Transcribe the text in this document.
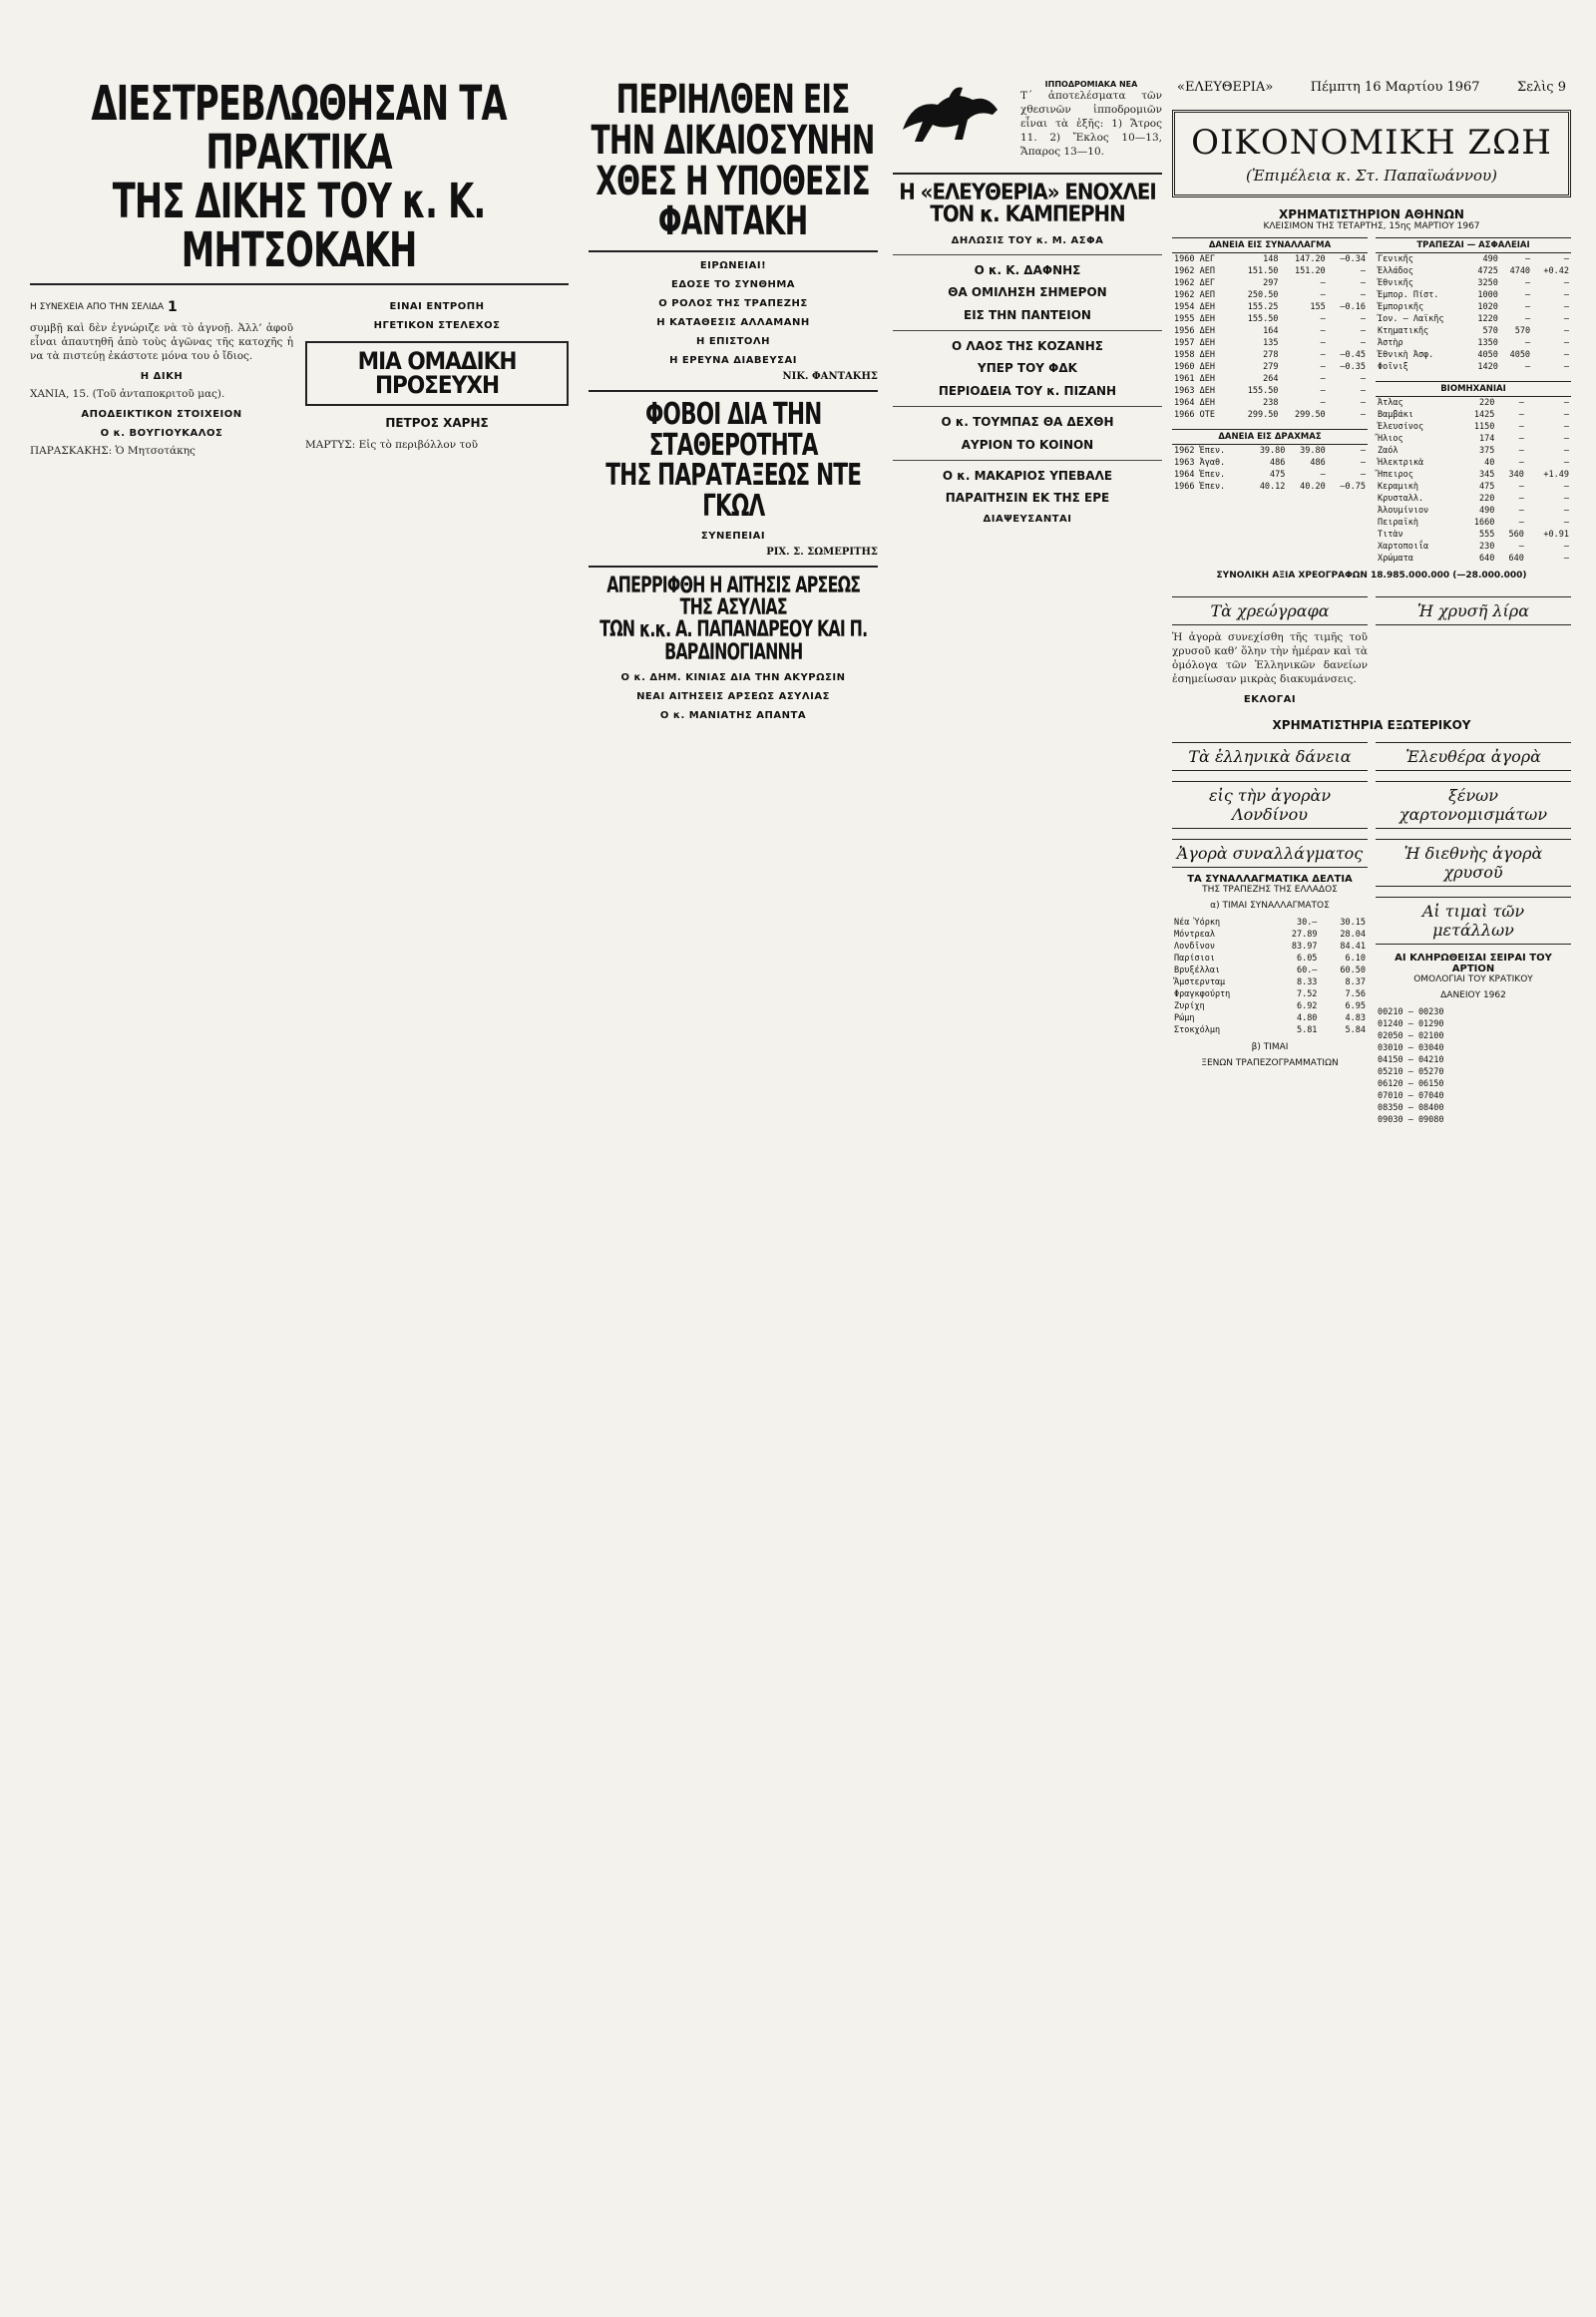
«ΕΛΕΥΘΕΡΙΑ»	Πέμπτη 16 Μαρτίου 1967	Σελὶς 9
ΔΙΕΣΤΡΕΒΛΩΘΗΣΑΝ ΤΑ ΠΡΑΚΤΙΚΑ
ΤΗΣ ΔΙΚΗΣ ΤΟΥ κ. Κ. ΜΗΤΣΟΚΑΚΗ
Η ΣΥΝΕΧΕΙΑ ΑΠΟ ΤΗΝ ΣΕΛΙΔΑ 1

συμβῇ καὶ δὲν ἐγνώριζε νὰ τὸ ἀγνοῇ. Ἀλλ’ ἀφοῦ εἶναι ἀπαυτηθῆ ἀπὸ τοὺς ἀγῶνας τῆς κατοχῆς ἡ να τὰ πιστεύῃ ἐκάστοτε μόνα του ὁ ἴδιος.

Η ΔΙΚΗ

ΧΑΝΙΑ, 15. (Τοῦ ἀνταποκριτοῦ μας).

ΑΠΟΔΕΙΚΤΙΚΟΝ ΣΤΟΙΧΕΙΟΝ
Ο κ. ΒΟΥΓΙΟΥΚΑΛΟΣ

ΠΑΡΑΣΚΑΚΗΣ: Ὁ Μητσοτάκης

ΕΙΝΑΙ ΕΝΤΡΟΠΗ
ΗΓΕΤΙΚΟΝ ΣΤΕΛΕΧΟΣ
ΜΙΑ ΟΜΑΔΙΚΗ
ΠΡΟΣΕΥΧΗ
ΠΕΤΡΟΣ ΧΑΡΗΣ

ΜΑΡΤΥΣ: Εἰς τὸ περιβόλλον τοῦ

ΠΕΡΙΗΛΘΕΝ ΕΙΣ ΤΗΝ ΔΙΚΑΙΟΣΥΝΗΝ
ΧΘΕΣ Η ΥΠΟΘΕΣΙΣ ΦΑΝΤΑΚΗ
ΕΙΡΩΝΕΙΑΙ!
ΕΔΟΣΕ ΤΟ ΣΥΝΘΗΜΑ
Ο ΡΟΛΟΣ ΤΗΣ ΤΡΑΠΕΖΗΣ
Η ΚΑΤΑΘΕΣΙΣ ΑΛΛΑΜΑΝΗ
Η ΕΠΙΣΤΟΛΗ
Η ΕΡΕΥΝΑ ΔΙΑΒΕΥΣΑΙ
ΝΙΚ. ΦΑΝΤΑΚΗΣ
ΦΟΒΟΙ ΔΙΑ ΤΗΝ ΣΤΑΘΕΡΟΤΗΤΑ
ΤΗΣ ΠΑΡΑΤΑΞΕΩΣ ΝΤΕ ΓΚΩΛ
ΣΥΝΕΠΕΙΑΙ
ΡΙΧ. Σ. ΣΩΜΕΡΙΤΗΣ
ΑΠΕΡΡΙΦΘΗ Η ΑΙΤΗΣΙΣ ΑΡΣΕΩΣ ΤΗΣ ΑΣΥΛΙΑΣ
ΤΩΝ κ.κ. Α. ΠΑΠΑΝΔΡΕΟΥ ΚΑΙ Π. ΒΑΡΔΙΝΟΓΙΑΝΝΗ
Ο κ. ΔΗΜ. ΚΙΝΙΑΣ ΔΙΑ ΤΗΝ ΑΚΥΡΩΣΙΝ
ΝΕΑΙ ΑΙΤΗΣΕΙΣ ΑΡΣΕΩΣ ΑΣΥΛΙΑΣ
Ο κ. ΜΑΝΙΑΤΗΣ ΑΠΑΝΤΑ
ΙΠΠΟΔΡΟΜΙΑΚΑ ΝΕΑ

Τ΄ ἀποτελέσματα τῶν χθεσινῶν ἱπποδρομιῶν εἶναι τὰ ἑξῆς: 1) Ἄτρος 11. 2) Ἔκλος 10—13, Ἄπαρος 13—10.

Η «ΕΛΕΥΘΕΡΙΑ» ΕΝΟΧΛΕΙ
ΤΟΝ κ. ΚΑΜΠΕΡΗΝ
ΔΗΛΩΣΙΣ ΤΟΥ κ. Μ. ΑΣΦΑ
Ο κ. Κ. ΔΑΦΝΗΣ
ΘΑ ΟΜΙΛΗΣΗ ΣΗΜΕΡΟΝ
ΕΙΣ ΤΗΝ ΠΑΝΤΕΙΟΝ
Ο ΛΑΟΣ ΤΗΣ ΚΟΖΑΝΗΣ
ΥΠΕΡ ΤΟΥ ΦΔΚ
ΠΕΡΙΟΔΕΙΑ ΤΟΥ κ. ΠΙΖΑΝΗ
Ο κ. ΤΟΥΜΠΑΣ ΘΑ ΔΕΧΘΗ
ΑΥΡΙΟΝ ΤΟ ΚΟΙΝΟΝ
Ο κ. ΜΑΚΑΡΙΟΣ ΥΠΕΒΑΛΕ
ΠΑΡΑΙΤΗΣΙΝ ΕΚ ΤΗΣ ΕΡΕ
ΔΙΑΨΕΥΣΑΝΤΑΙ
ΟΙΚΟΝΟΜΙΚΗ ΖΩΗ
(Ἐπιμέλεια κ. Στ. Παπαϊωάννου)
ΧΡΗΜΑΤΙΣΤΗΡΙΟΝ ΑΘΗΝΩΝ
ΚΛΕΙΣΙΜΟΝ ΤΗΣ ΤΕΤΑΡΤΗΣ, 15ης ΜΑΡΤΙΟΥ 1967
ΔΑΝΕΙΑ ΕΙΣ ΣΥΝΑΛΛΑΓΜΑ			
1960 ΑΕΓ	148	147.20	—0.34
1962 ΑΕΠ	151.50	151.20	—
1962 ΔΕΓ	297	—	—
1962 ΑΕΠ	250.50	—	—
1954 ΔΕΗ	155.25	155	—0.16
1955 ΔΕΗ	155.50	—	—
1956 ΔΕΗ	164	—	—
1957 ΔΕΗ	135	—	—
1958 ΔΕΗ	278	—	—0.45
1960 ΔΕΗ	279	—	—0.35
1961 ΔΕΗ	264	—	—
1963 ΔΕΗ	155.50	—	—
1964 ΔΕΗ	238	—	—
1966 ΟΤΕ	299.50	299.50	—
ΔΑΝΕΙΑ ΕΙΣ ΔΡΑΧΜΑΣ			
1962 Ἐπεν.	39.80	39.80	—
1963 Ἀγαθ.	486	486	—
1964 Ἐπεν.	475	—	—
1966 Ἐπεν.	40.12	40.20	—0.75
ΤΡΑΠΕΖΑΙ — ΑΣΦΑΛΕΙΑΙ			
Γενικῆς	490	—	—
Ἐλλάδος	4725	4740	+0.42
Ἐθνικῆς	3250	—	—
Ἐμπορ. Πίστ.	1000	—	—
Ἐμπορικῆς	1020	—	—
Ἰον. — Λαϊκῆς	1220	—	—
Κτηματικῆς	570	570	—
Ἀστὴρ	1350	—	—
Ἐθνικὴ Ἀσφ.	4050	4050	—
Φοῖνιξ	1420	—	—
ΒΙΟΜΗΧΑΝΙΑΙ			
Ἀτλας	220	—	—
Βαμβάκι	1425	—	—
Ἐλευσίνος	1150	—	—
Ἤλιος	174	—	—
Ζαόλ	375	—	—
Ἠλεκτρικὰ	40	—	—
Ἤπειρος	345	340	+1.49
Κεραμικὴ	475	—	—
Κρυσταλλ.	220	—	—
Ἀλουμίνιον	490	—	—
Πειραϊκὴ	1660	—	—
Τιτὰν	555	560	+0.91
Χαρτοποιΐα	230	—	—
Χρώματα	640	640	—
ΣΥΝΟΛΙΚΗ ΑΞΙΑ ΧΡΕΟΓΡΑΦΩΝ 18.985.000.000 (—28.000.000)
Τὰ χρεώγραφα

Ἡ ἀγορὰ συνεχίσθη τῆς τιμῆς τοῦ χρυσοῦ καθ’ ὅλην τὴν ἡμέραν καὶ τὰ ὁμόλογα τῶν Ἑλληνικῶν δανείων ἐσημείωσαν μικρὰς διακυμάνσεις.

ΕΚΛΟΓΑΙ
Ἡ χρυσῆ λίρα
ΧΡΗΜΑΤΙΣΤΗΡΙΑ ΕΞΩΤΕΡΙΚΟΥ
Τὰ ἑλληνικὰ δάνεια
εἰς τὴν ἀγορὰν Λονδίνου
Ἀγορὰ συναλλάγματος
ΤΑ ΣΥΝΑΛΛΑΓΜΑΤΙΚΑ ΔΕΛΤΙΑ
ΤΗΣ ΤΡΑΠΕΖΗΣ ΤΗΣ ΕΛΛΑΔΟΣ
α) ΤΙΜΑΙ ΣΥΝΑΛΛΑΓΜΑΤΟΣ
Νέα Ὑόρκη	30.—	30.15
Μόντρεαλ	27.89	28.04
Λονδῖνον	83.97	84.41
Παρίσιοι	6.05	6.10
Βρυξέλλαι	60.—	60.50
Ἄμστερνταμ	8.33	8.37
Φραγκφούρτη	7.52	7.56
Ζυρίχη	6.92	6.95
Ρώμη	4.80	4.83
Στοκχόλμη	5.81	5.84
β) ΤΙΜΑΙ
ΞΕΝΩΝ ΤΡΑΠΕΖΟΓΡΑΜΜΑΤΙΩΝ
Ἐλευθέρα ἀγορὰ
ξένων χαρτονομισμάτων
Ἡ διεθνὴς ἀγορὰ χρυσοῦ
Αἱ τιμαὶ τῶν μετάλλων
ΑΙ ΚΛΗΡΩΘΕΙΣΑΙ ΣΕΙΡΑΙ ΤΟΥ ΑΡΤΙΟΝ
ΟΜΟΛΟΓΙΑΙ ΤΟΥ ΚΡΑΤΙΚΟΥ
ΔΑΝΕΙΟΥ 1962
00210 — 00230
01240 — 01290
02050 — 02100
03010 — 03040
04150 — 04210
05210 — 05270
06120 — 06150
07010 — 07040
08350 — 08400
09030 — 09080
